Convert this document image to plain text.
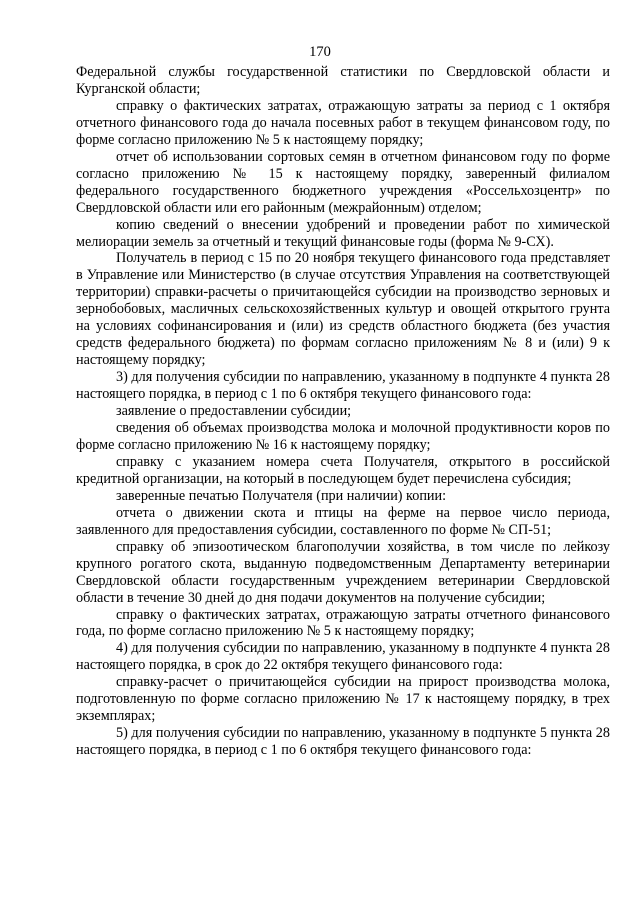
170

Федеральной службы государственной статистики по Свердловской области и Курганской области;

справку о фактических затратах, отражающую затраты за период с 1 октября отчетного финансового года до начала посевных работ в текущем финансовом году, по форме согласно приложению № 5 к настоящему порядку;

отчет об использовании сортовых семян в отчетном финансовом году по форме согласно приложению № 15 к настоящему порядку, заверенный филиалом федерального государственного бюджетного учреждения «Россельхозцентр» по Свердловской области или его районным (межрайонным) отделом;

копию сведений о внесении удобрений и проведении работ по химической мелиорации земель за отчетный и текущий финансовые годы (форма № 9-СХ).

Получатель в период с 15 по 20 ноября текущего финансового года представляет в Управление или Министерство (в случае отсутствия Управления на соответствующей территории) справки-расчеты о причитающейся субсидии на производство зерновых и зернобобовых, масличных сельскохозяйственных культур и овощей открытого грунта на условиях софинансирования и (или) из средств областного бюджета (без участия средств федерального бюджета) по формам согласно приложениям № 8 и (или) 9 к настоящему порядку;

3) для получения субсидии по направлению, указанному в подпункте 4 пункта 28 настоящего порядка, в период с 1 по 6 октября текущего финансового года:

заявление о предоставлении субсидии;

сведения об объемах производства молока и молочной продуктивности коров по форме согласно приложению № 16 к настоящему порядку;

справку с указанием номера счета Получателя, открытого в российской кредитной организации, на который в последующем будет перечислена субсидия;

заверенные печатью Получателя (при наличии) копии:

отчета о движении скота и птицы на ферме на первое число периода, заявленного для предоставления субсидии, составленного по форме № СП-51;

справку об эпизоотическом благополучии хозяйства, в том числе по лейкозу крупного рогатого скота, выданную подведомственным Департаменту ветеринарии Свердловской области государственным учреждением ветеринарии Свердловской области в течение 30 дней до дня подачи документов на получение субсидии;

справку о фактических затратах, отражающую затраты отчетного финансового года, по форме согласно приложению № 5 к настоящему порядку;

4) для получения субсидии по направлению, указанному в подпункте 4 пункта 28 настоящего порядка, в срок до 22 октября текущего финансового года:

справку-расчет о причитающейся субсидии на прирост производства молока, подготовленную по форме согласно приложению № 17 к настоящему порядку, в трех экземплярах;

5) для получения субсидии по направлению, указанному в подпункте 5 пункта 28 настоящего порядка, в период с 1 по 6 октября текущего финансового года:
